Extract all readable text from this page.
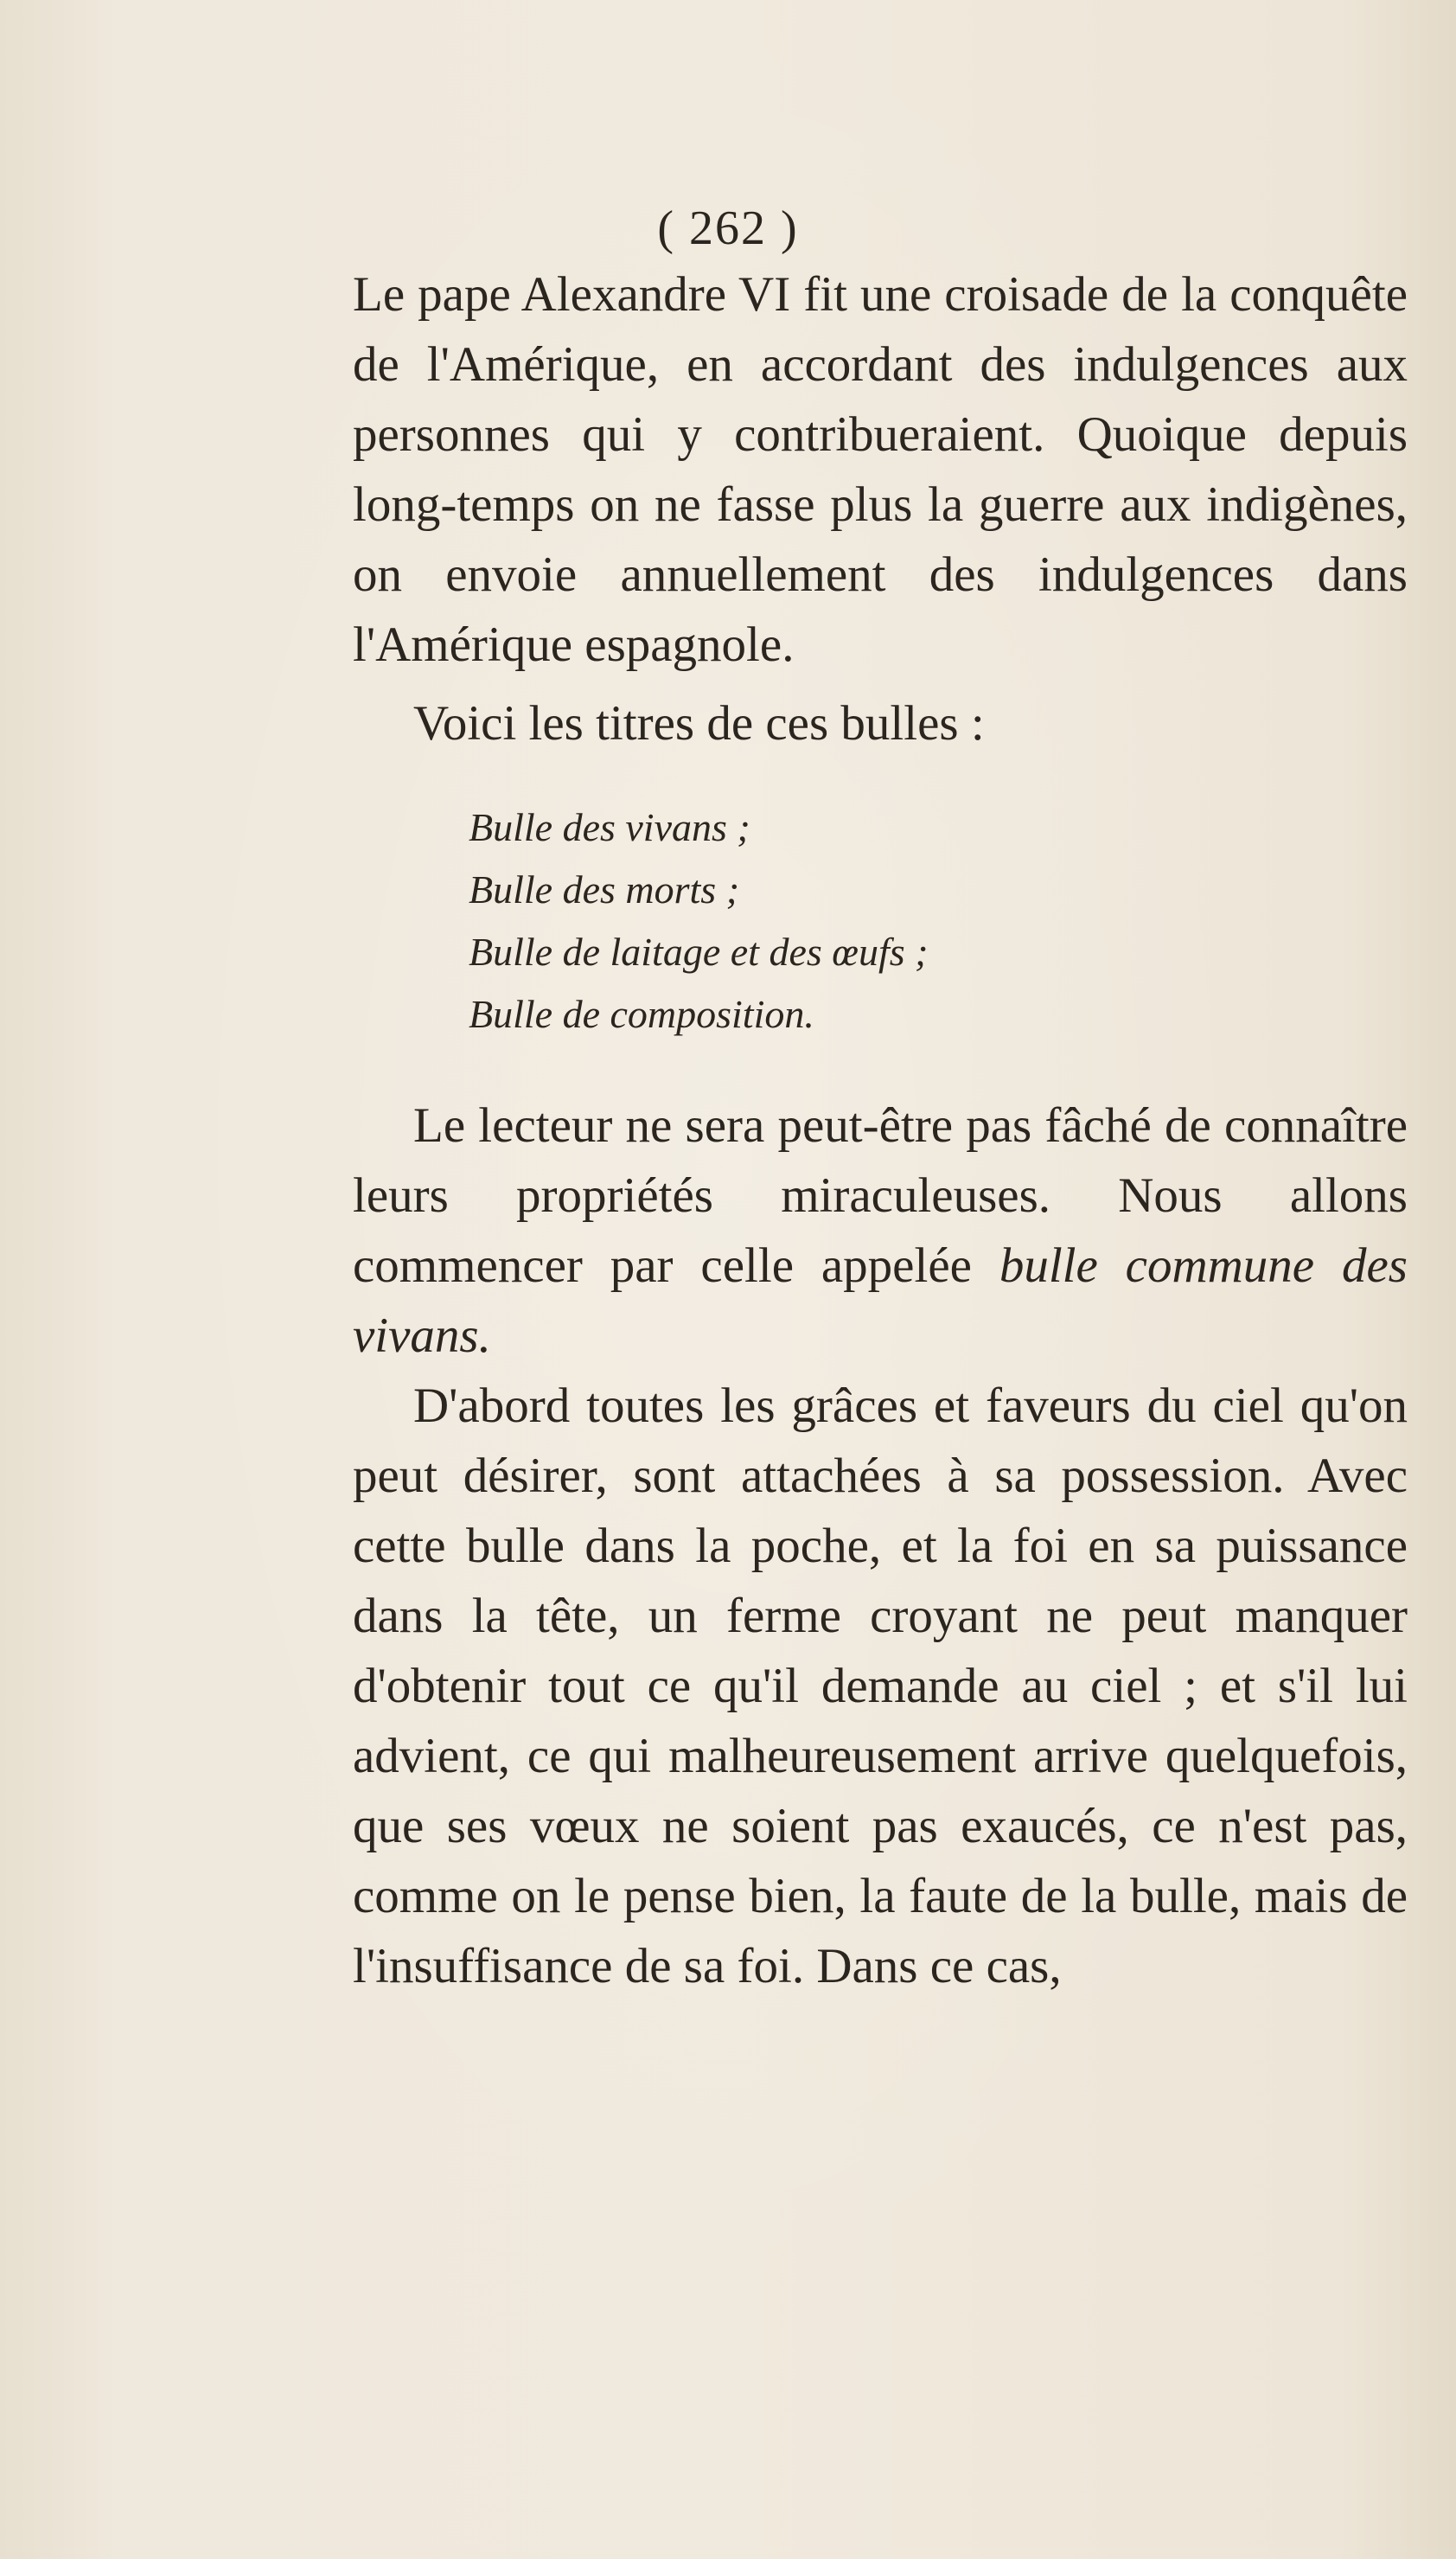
( 262 )

Le pape Alexandre VI fit une croisade de la conquête de l'Amérique, en accordant des indulgences aux personnes qui y contribueraient. Quoique depuis long-temps on ne fasse plus la guerre aux indigènes, on envoie annuellement des indulgences dans l'Amérique espagnole.

Voici les titres de ces bulles :

Bulle des vivans ;
Bulle des morts ;
Bulle de laitage et des œufs ;
Bulle de composition.

Le lecteur ne sera peut-être pas fâché de connaître leurs propriétés miraculeuses. Nous allons commencer par celle appelée bulle commune des vivans.

D'abord toutes les grâces et faveurs du ciel qu'on peut désirer, sont attachées à sa possession. Avec cette bulle dans la poche, et la foi en sa puissance dans la tête, un ferme croyant ne peut manquer d'obtenir tout ce qu'il demande au ciel ; et s'il lui advient, ce qui malheureusement arrive quelquefois, que ses vœux ne soient pas exaucés, ce n'est pas, comme on le pense bien, la faute de la bulle, mais de l'insuffisance de sa foi. Dans ce cas,
